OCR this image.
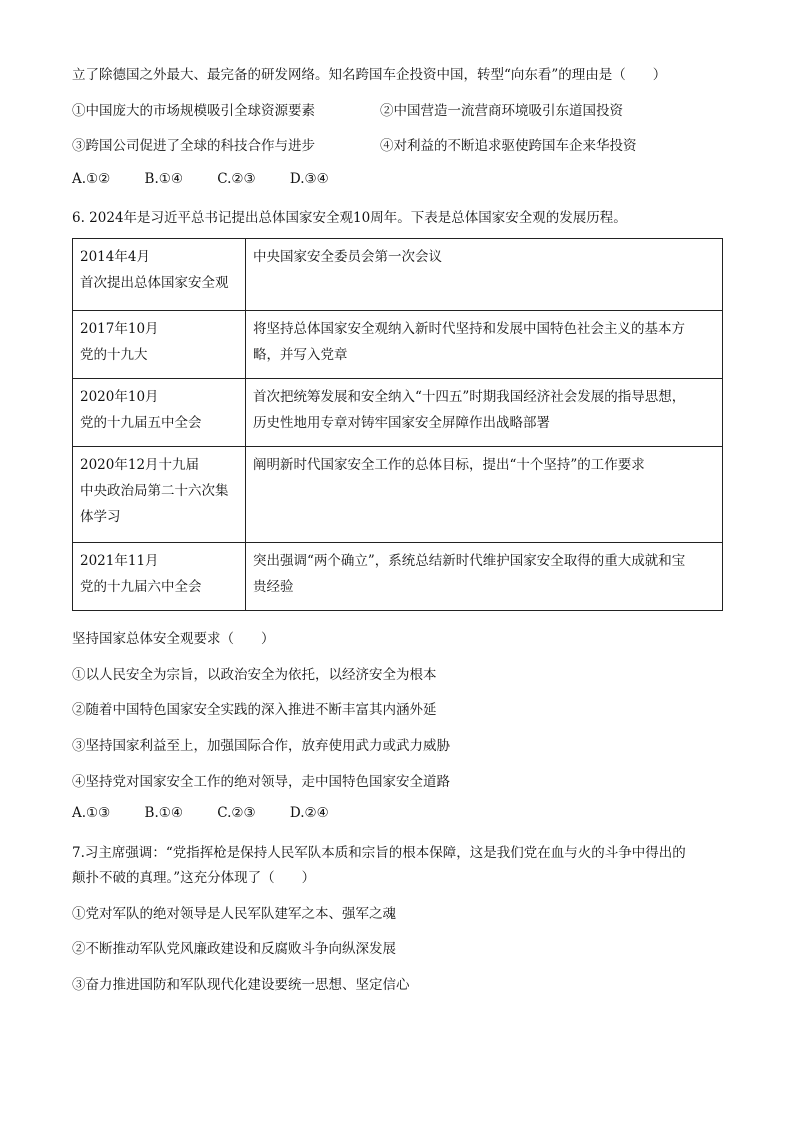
立了除德国之外最大、最完备的研发网络。知名跨国车企投资中国，转型“向东看”的理由是（　　）
①中国庞大的市场规模吸引全球资源要素	②中国营造一流营商环境吸引东道国投资
③跨国公司促进了全球的科技合作与进步	④对利益的不断追求驱使跨国车企来华投资
A.①②	B.①④	C.②③	D.③④
6. 2024年是习近平总书记提出总体国家安全观10周年。下表是总体国家安全观的发展历程。
2014年4月
首次提出总体国家安全观	中央国家安全委员会第一次会议

2017年10月
党的十九大	将坚持总体国家安全观纳入新时代坚持和发展中国特色社会主义的基本方
略，并写入党章

2020年10月
党的十九届五中全会	首次把统筹发展和安全纳入“十四五”时期我国经济社会发展的指导思想，
历史性地用专章对铸牢国家安全屏障作出战略部署

2020年12月十九届
中央政治局第二十六次集
体学习	阐明新时代国家安全工作的总体目标，提出“十个坚持”的工作要求

2021年11月
党的十九届六中全会	突出强调“两个确立”，系统总结新时代维护国家安全取得的重大成就和宝
贵经验
坚持国家总体安全观要求（　　）
①以人民安全为宗旨，以政治安全为依托，以经济安全为根本
②随着中国特色国家安全实践的深入推进不断丰富其内涵外延
③坚持国家利益至上，加强国际合作，放弃使用武力或武力威胁
④坚持党对国家安全工作的绝对领导，走中国特色国家安全道路
A.①③	B.①④	C.②③	D.②④
7.习主席强调：“党指挥枪是保持人民军队本质和宗旨的根本保障，这是我们党在血与火的斗争中得出的
颠扑不破的真理。”这充分体现了（　　）
①党对军队的绝对领导是人民军队建军之本、强军之魂
②不断推动军队党风廉政建设和反腐败斗争向纵深发展
③奋力推进国防和军队现代化建设要统一思想、坚定信心
